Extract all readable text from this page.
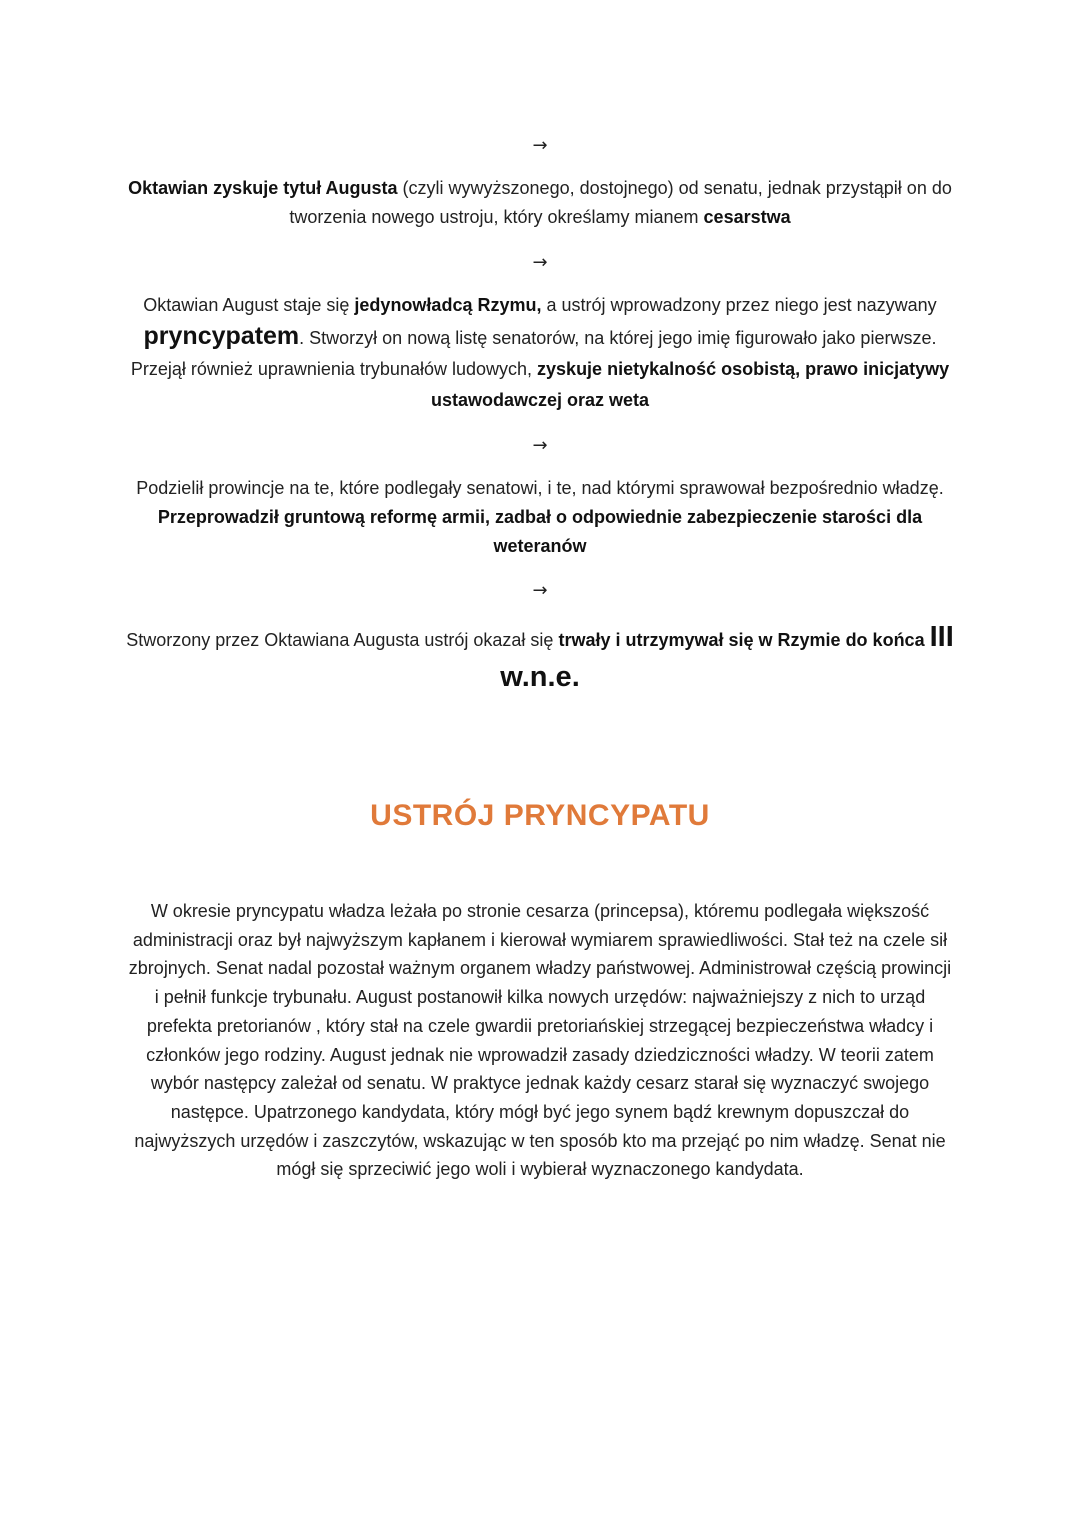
→
Oktawian zyskuje tytuł Augusta (czyli wywyższonego, dostojnego) od senatu, jednak przystąpił on do tworzenia nowego ustroju, który określamy mianem cesarstwa
→
Oktawian August staje się jedynowładcą Rzymu, a ustrój wprowadzony przez niego jest nazywany pryncypatem. Stworzył on nową listę senatorów, na której jego imię figurowało jako pierwsze. Przejął również uprawnienia trybunałów ludowych, zyskuje nietykalność osobistą, prawo inicjatywy ustawodawczej oraz weta
→
Podzielił prowincje na te, które podlegały senatowi, i te, nad którymi sprawował bezpośrednio władzę. Przeprowadził gruntową reformę armii, zadbał o odpowiednie zabezpieczenie starości dla weteranów
→
Stworzony przez Oktawiana Augusta ustrój okazał się trwały i utrzymywał się w Rzymie do końca III w.n.e.
USTRÓJ PRYNCYPATU
W okresie pryncypatu władza leżała po stronie cesarza (princepsa), któremu podlegała większość administracji oraz był najwyższym kapłanem i kierował wymiarem sprawiedliwości. Stał też na czele sił zbrojnych. Senat nadal pozostał ważnym organem władzy państwowej. Administrował częścią prowincji i pełnił funkcje trybunału. August postanowił kilka nowych urzędów: najważniejszy z nich to urząd prefekta pretorianów , który stał na czele gwardii pretoriańskiej strzegącej bezpieczeństwa władcy i członków jego rodziny. August jednak nie wprowadził zasady dziedziczności władzy. W teorii zatem wybór następcy zależał od senatu. W praktyce jednak każdy cesarz starał się wyznaczyć swojego następce. Upatrzonego kandydata, który mógł być jego synem bądź krewnym dopuszczał do najwyższych urzędów i zaszczytów, wskazując w ten sposób kto ma przejąć po nim władzę. Senat nie mógł się sprzeciwić jego woli i wybierał wyznaczonego kandydata.
